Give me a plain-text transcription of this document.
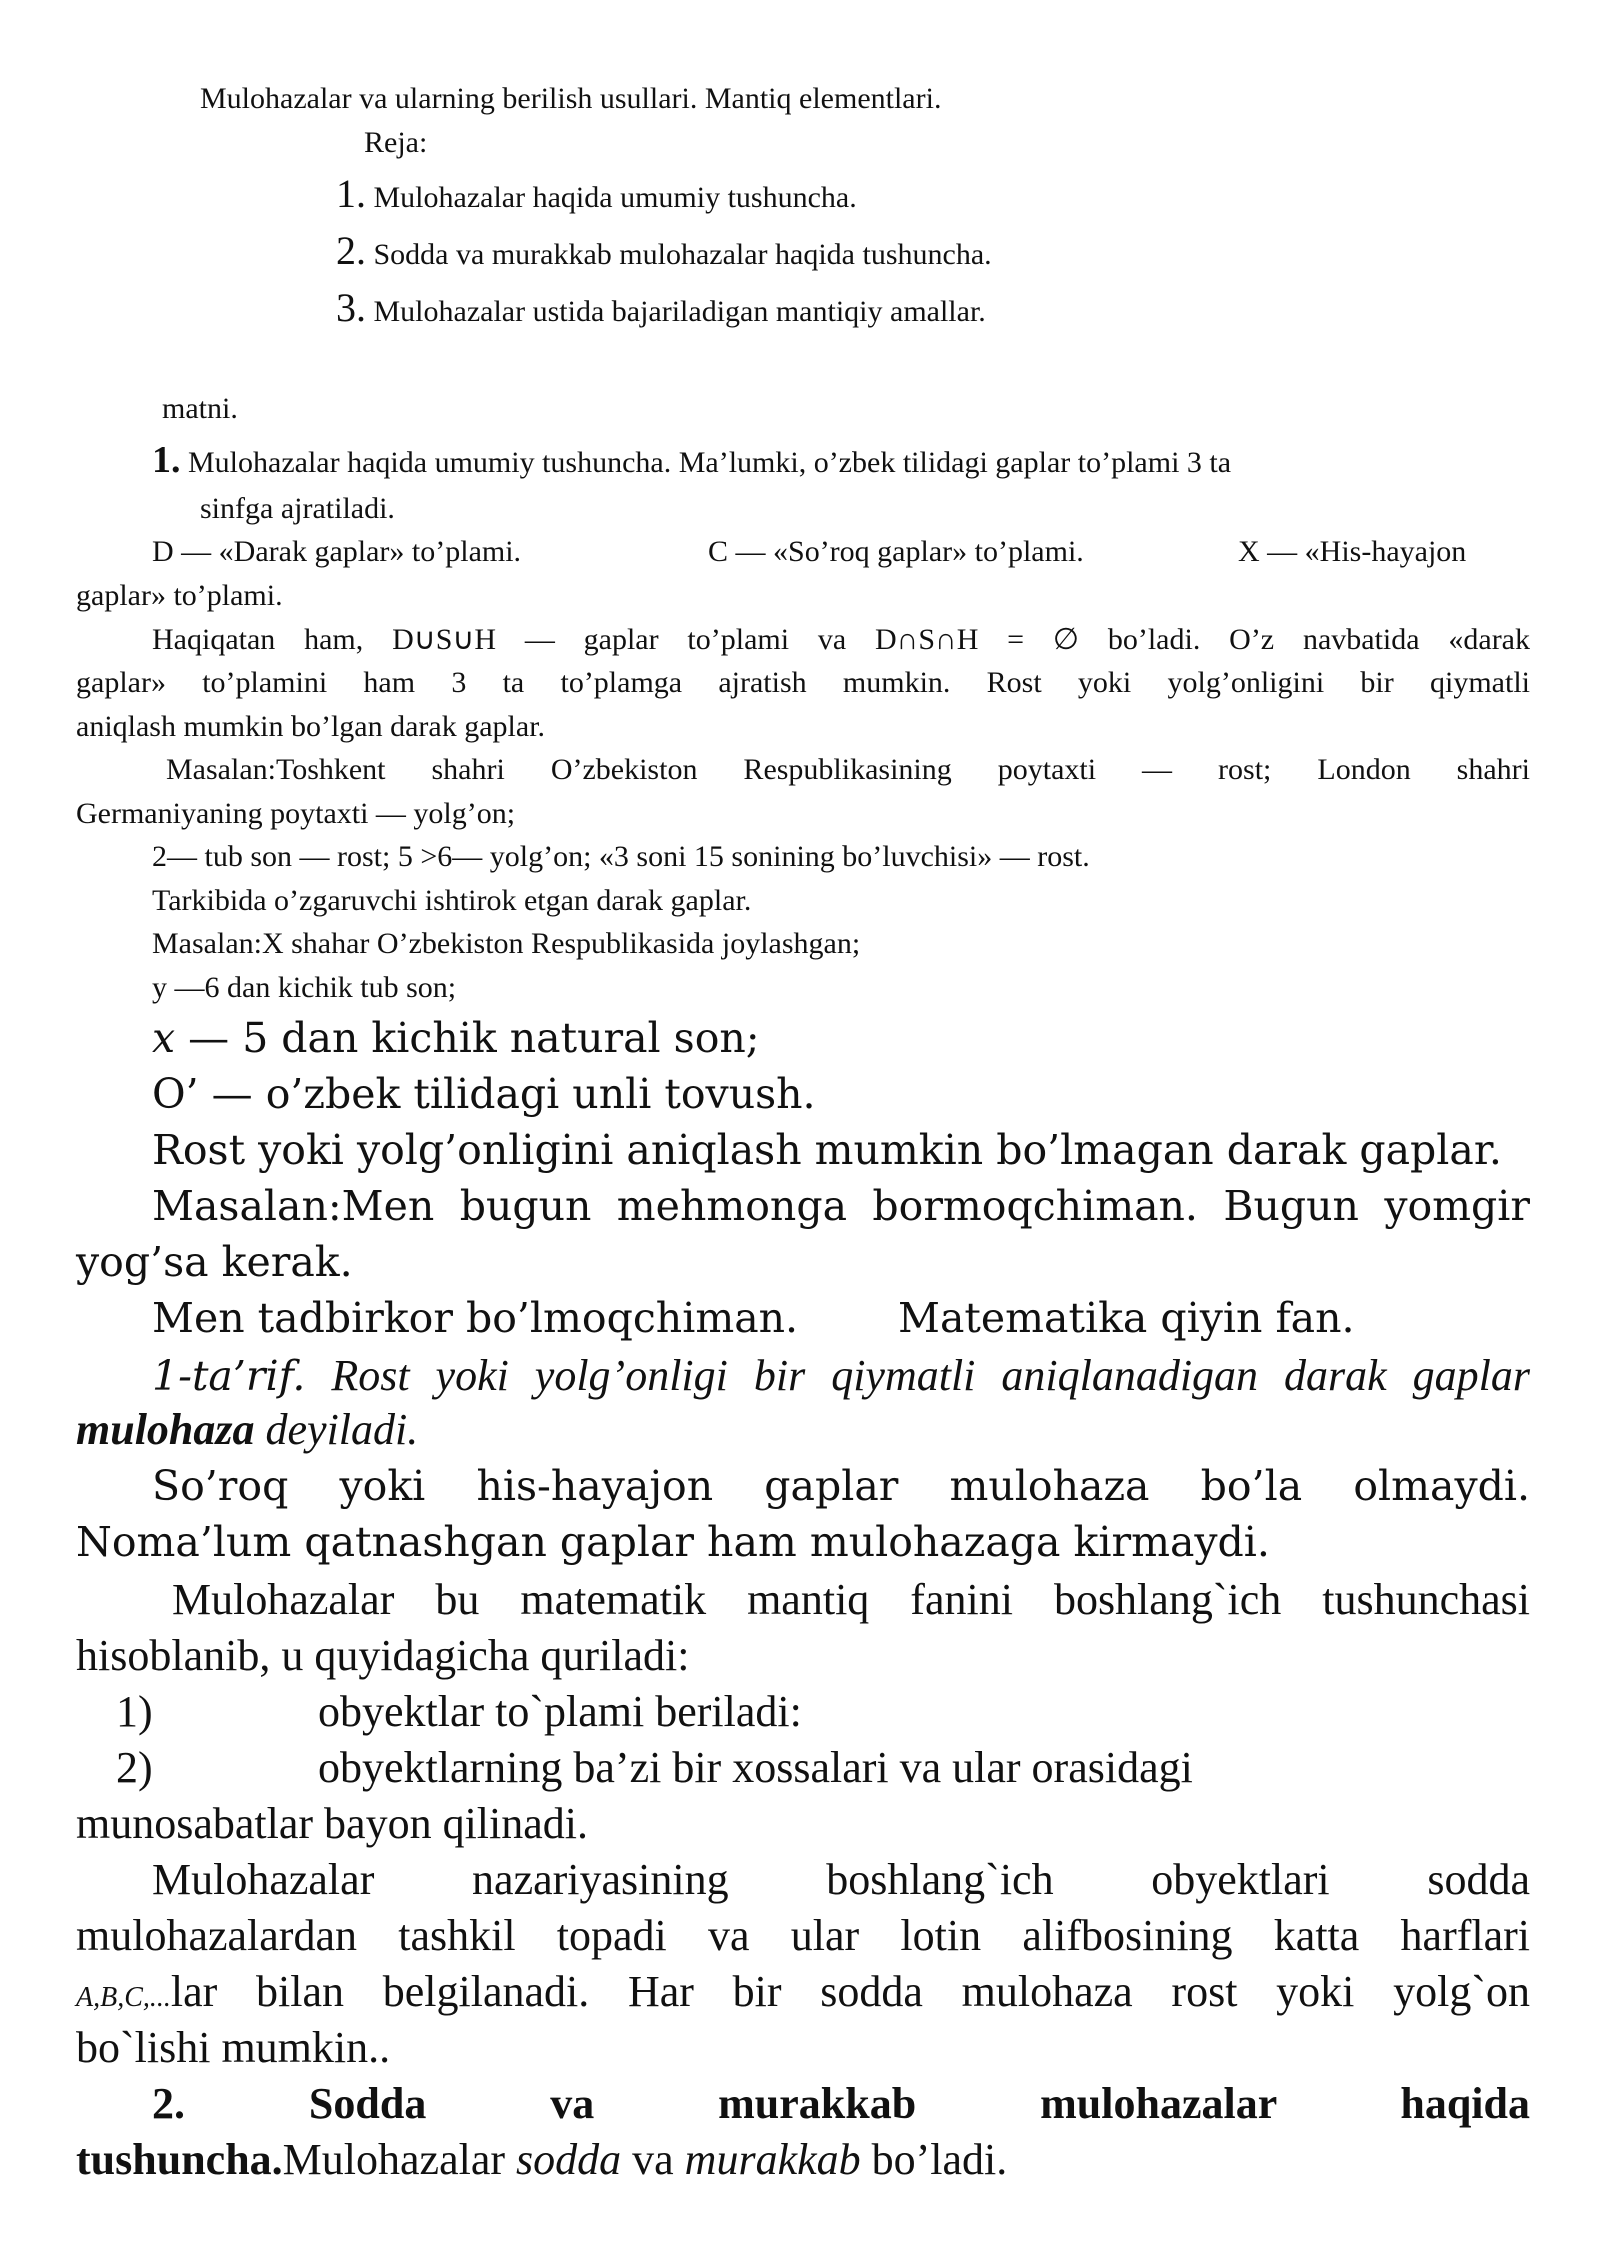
Mulohazalar va ularning berilish usullari. Mantiq elementlari.
Reja:
1. Mulohazalar haqida umumiy tushuncha.
2. Sodda va murakkab mulohazalar haqida tushuncha.
3. Mulohazalar ustida bajariladigan mantiqiy amallar.
matni.
1. Mulohazalar haqida umumiy tushuncha. Ma’lumki, o’zbek tilidagi gaplar to’plami 3 ta
sinfga ajratiladi.
D — «Darak gaplar» to’plami.	C — «So’roq gaplar» to’plami.	X — «His-hayajon
gaplar» to’plami.
Haqiqatan ham, D∪S∪H — gaplar to’plami va D∩S∩H = ∅ bo’ladi. O’z navbatida «darak
gaplar» to’plamini ham 3 ta to’plamga ajratish mumkin. Rost yoki yolg’onligini bir qiymatli
aniqlash mumkin bo’lgan darak gaplar.
Masalan:Toshkent shahri O’zbekiston Respublikasining poytaxti — rost; London shahri
Germaniyaning poytaxti — yolg’on;
2— tub son — rost; 5 >6— yolg’on; «3 soni 15 sonining bo’luvchisi» — rost.
Tarkibida o’zgaruvchi ishtirok etgan darak gaplar.
Masalan:X shahar O’zbekiston Respublikasida joylashgan;
y —6 dan kichik tub son;
x — 5 dan kichik natural son;
O’ — o’zbek tilidagi unli tovush.
Rost yoki yolg’onligini aniqlash mumkin bo’lmagan darak gaplar.
Masalan:Men bugun mehmonga bormoqchiman. Bugun yomgir
yog’sa kerak.
Men tadbirkor bo’lmoqchiman. Matematika qiyin fan.
1-ta’rif. Rost yoki yolg’onligi bir qiymatli aniqlanadigan darak gaplar
mulohaza deyiladi.
So’roq yoki his-hayajon gaplar mulohaza bo’la olmaydi.
Noma’lum qatnashgan gaplar ham mulohazaga kirmaydi.
Mulohazalar bu matematik mantiq fanini boshlang`ich tushunchasi
hisoblanib, u quyidagicha quriladi:
1)	obyektlar to`plami beriladi:
2)	obyektlarning ba’zi bir xossalari va ular orasidagi
munosabatlar bayon qilinadi.
Mulohazalar nazariyasining boshlang`ich obyektlari sodda
mulohazalardan tashkil topadi va ular lotin alifbosining katta harflari
A,B,C,...lar bilan belgilanadi. Har bir sodda mulohaza rost yoki yolg`on
bo`lishi mumkin..
2. Sodda va murakkab mulohazalar haqida
tushuncha.Mulohazalar sodda va murakkab bo’ladi.
